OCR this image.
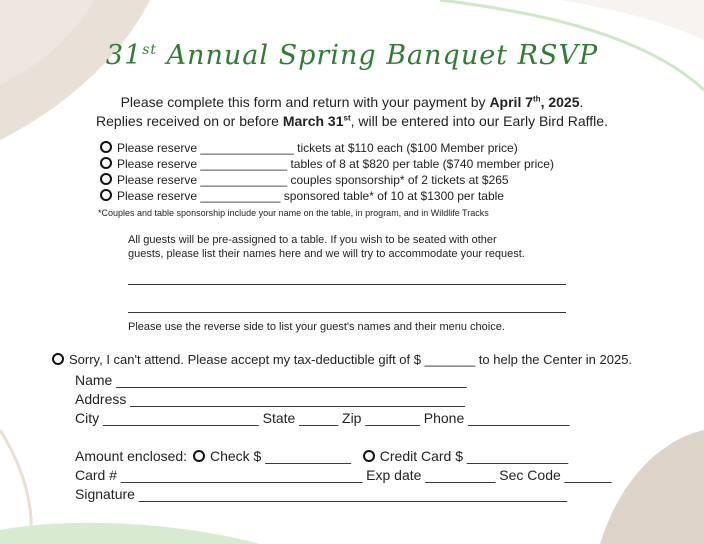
31st Annual Spring Banquet RSVP
Please complete this form and return with your payment by April 7th, 2025.
Replies received on or before March 31st, will be entered into our Early Bird Raffle.
Please reserve ______________ tickets at $110 each ($100 Member price)
Please reserve _____________ tables of 8 at $820 per table ($740 member price)
Please reserve _____________ couples sponsorship* of 2 tickets at $265
Please reserve ____________ sponsored table* of 10 at $1300 per table
*Couples and table sponsorship include your name on the table, in program, and in Wildlife Tracks
All guests will be pre-assigned to a table. If you wish to be seated with other
guests, please list their names here and we will try to accommodate your request.
Please use the reverse side to list your guest's names and their menu choice.
Sorry, I can't attend. Please accept my tax-deductible gift of $ _______ to help the Center in 2025.
Name _____________________________________________
Address ___________________________________________
City ____________________ State _____ Zip _______ Phone _____________
Amount enclosed: Check $ ___________ Credit Card $ _____________
Card # _______________________________ Exp date _________ Sec Code ______
Signature _______________________________________________________
